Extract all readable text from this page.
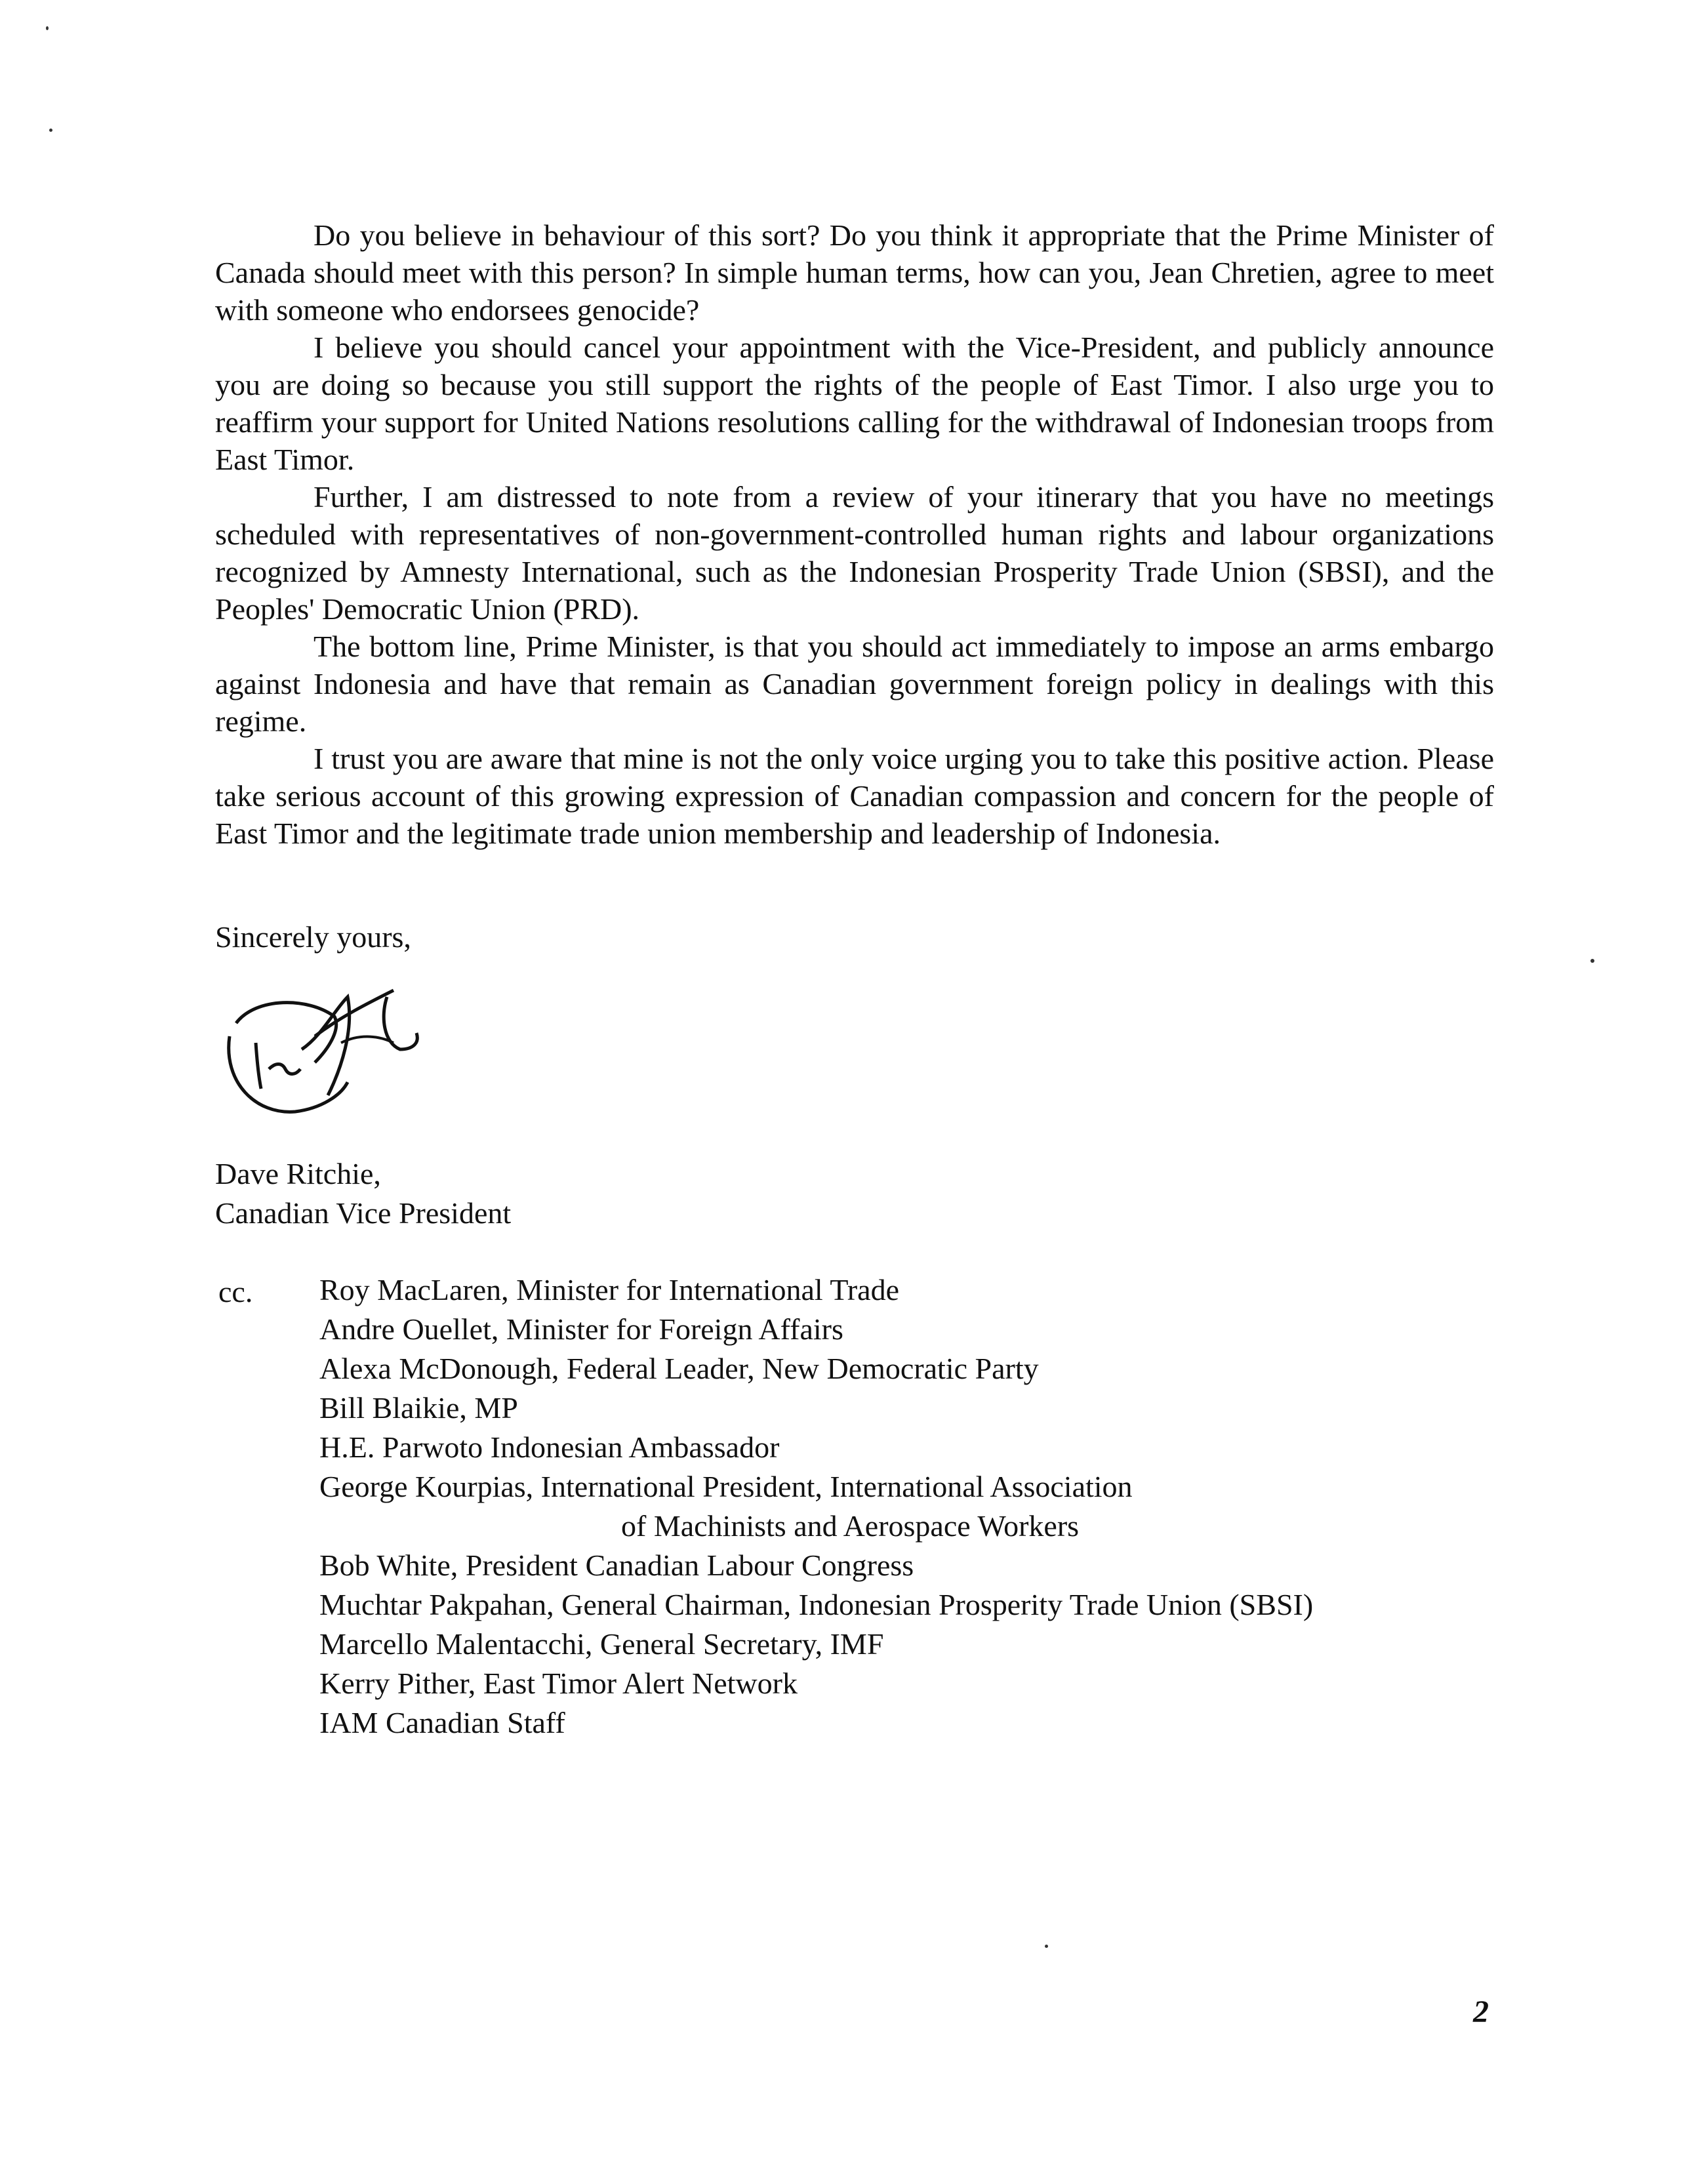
Do you believe in behaviour of this sort? Do you think it appropriate that the Prime Minister of Canada should meet with this person? In simple human terms, how can you, Jean Chretien, agree to meet with someone who endorsees genocide?

I believe you should cancel your appointment with the Vice-President, and publicly announce you are doing so because you still support the rights of the people of East Timor. I also urge you to reaffirm your support for United Nations resolutions calling for the withdrawal of Indonesian troops from East Timor.

Further, I am distressed to note from a review of your itinerary that you have no meetings scheduled with representatives of non-government-controlled human rights and labour organizations recognized by Amnesty International, such as the Indonesian Prosperity Trade Union (SBSI), and the Peoples' Democratic Union (PRD).

The bottom line, Prime Minister, is that you should act immediately to impose an arms embargo against Indonesia and have that remain as Canadian government foreign policy in dealings with this regime.

I trust you are aware that mine is not the only voice urging you to take this positive action. Please take serious account of this growing expression of Canadian compassion and concern for the people of East Timor and the legitimate trade union membership and leadership of Indonesia.

Sincerely yours,
Dave Ritchie,
Canadian Vice President
cc. Roy MacLaren, Minister for International Trade
Andre Ouellet, Minister for Foreign Affairs
Alexa McDonough, Federal Leader, New Democratic Party
Bill Blaikie, MP
H.E. Parwoto Indonesian Ambassador
George Kourpias, International President, International Association
of Machinists and Aerospace Workers
Bob White, President Canadian Labour Congress
Muchtar Pakpahan, General Chairman, Indonesian Prosperity Trade Union (SBSI)
Marcello Malentacchi, General Secretary, IMF
Kerry Pither, East Timor Alert Network
IAM Canadian Staff
2
